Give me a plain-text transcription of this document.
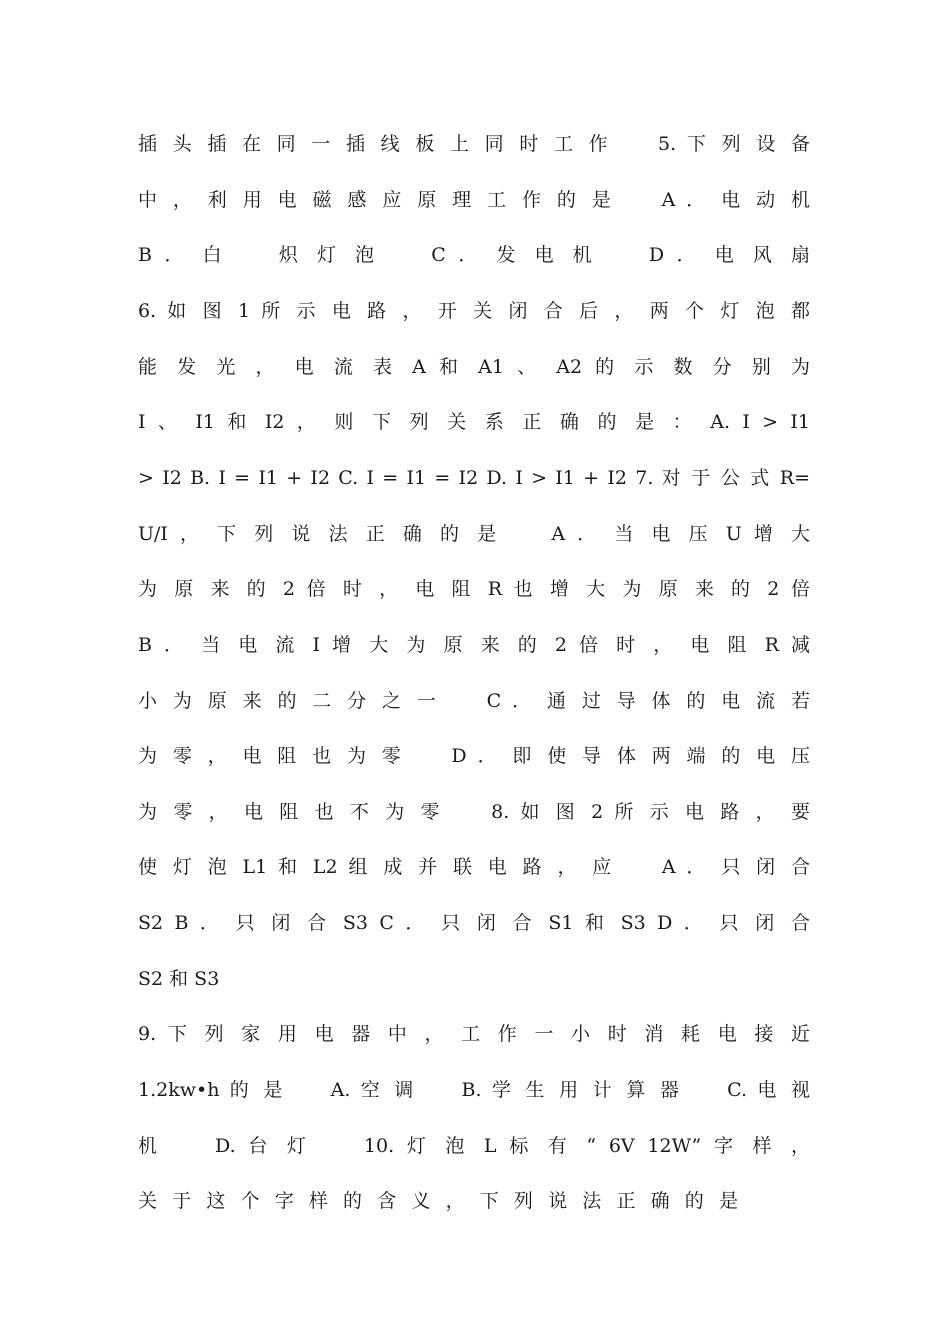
插 头 插 在 同 一 插 线 板 上 同 时 工 作 　 5. 下 列 设 备
中 ， 利 用 电 磁 感 应 原 理 工 作 的 是 　 A ． 电 动 机
B ． 白 　 炽 灯 泡 　 C ． 发 电 机 　 D ． 电 风 扇
6. 如 图 1 所 示 电 路 ， 开 关 闭 合 后 ， 两 个 灯 泡 都
能 发 光 ， 电 流 表 A 和 A1 、 A2 的 示 数 分 别 为
I 、 I1 和 I2 ， 则 下 列 关 系 正 确 的 是 ： A. I > I1
> I2 B. I = I1 + I2 C. I = I1 = I2 D. I > I1 + I2 7. 对 于 公 式 R=
U/I ， 下 列 说 法 正 确 的 是 　 A ． 当 电 压 U 增 大
为 原 来 的 2 倍 时 ， 电 阻 R 也 增 大 为 原 来 的 2 倍
B ． 当 电 流 I 增 大 为 原 来 的 2 倍 时 ， 电 阻 R 减
小 为 原 来 的 二 分 之 一 　 C ． 通 过 导 体 的 电 流 若
为 零 ， 电 阻 也 为 零 　 D ． 即 使 导 体 两 端 的 电 压
为 零 ， 电 阻 也 不 为 零 　 8. 如 图 2 所 示 电 路 ， 要
使 灯 泡 L1 和 L2 组 成 并 联 电 路 ， 应 　 A ． 只 闭 合
S2 B ． 只 闭 合 S3 C ． 只 闭 合 S1 和 S3 D ． 只 闭 合
S2 和 S3
9. 下 列 家 用 电 器 中 ， 工 作 一 小 时 消 耗 电 接 近
1.2kw•h 的 是 　 A. 空 调 　 B. 学 生 用 计 算 器 　 C. 电 视
机 　 D. 台 灯 　 10. 灯 泡 L 标 有 “ 6V 12W” 字 样 ，
关 于 这 个 字 样 的 含 义 ， 下 列 说 法 正 确 的 是
